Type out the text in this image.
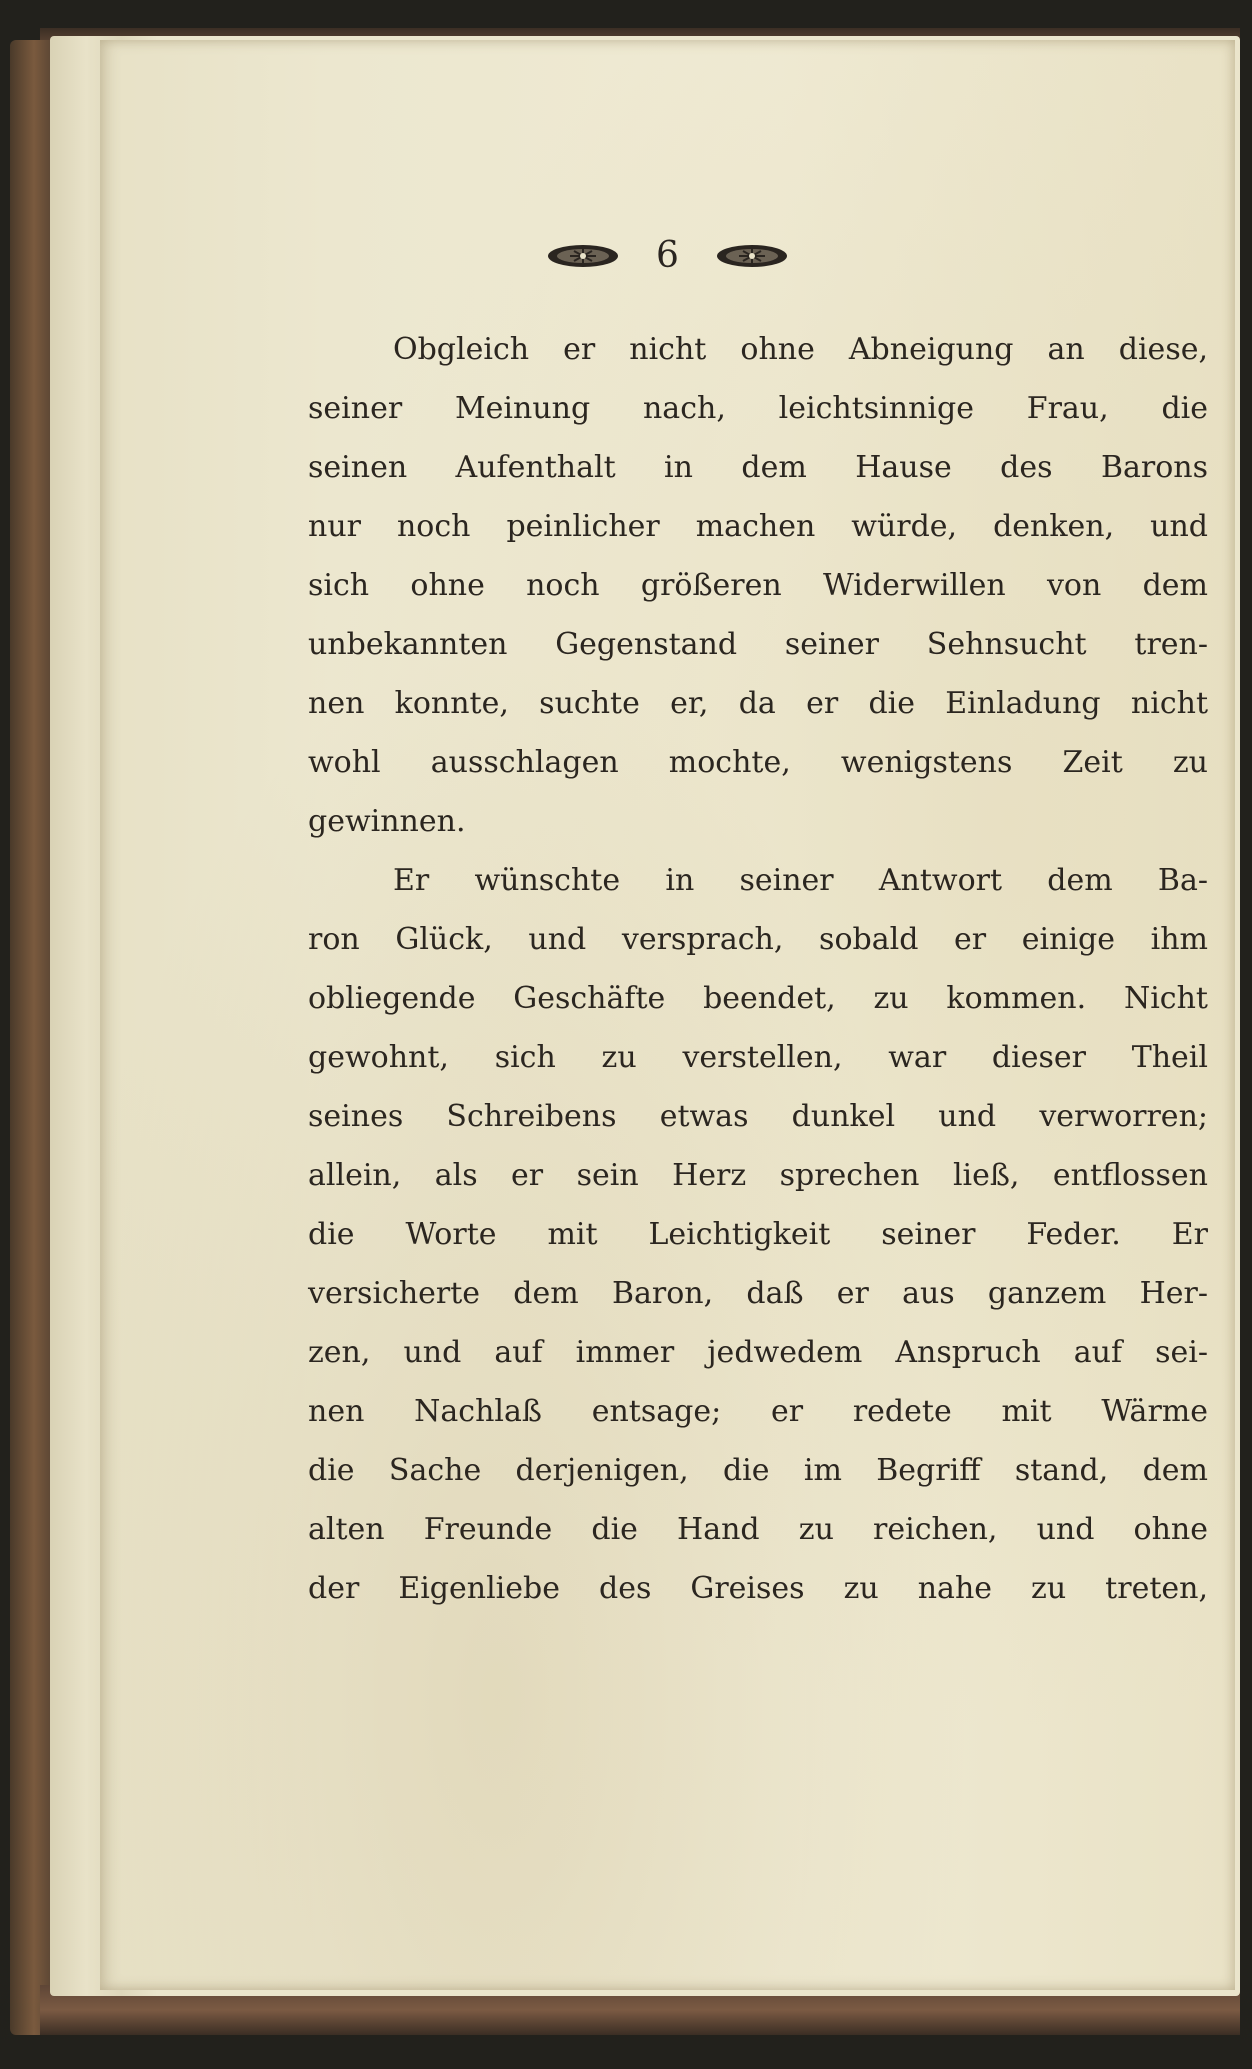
6
Obgleich er nicht ohne Abneigung an diese,
seiner Meinung nach, leichtsinnige Frau, die
seinen Aufenthalt in dem Hause des Barons
nur noch peinlicher machen würde, denken, und
sich ohne noch größeren Widerwillen von dem
unbekannten Gegenstand seiner Sehnsucht tren-
nen konnte, suchte er, da er die Einladung nicht
wohl ausschlagen mochte, wenigstens Zeit zu
gewinnen.
Er wünschte in seiner Antwort dem Ba-
ron Glück, und versprach, sobald er einige ihm
obliegende Geschäfte beendet, zu kommen. Nicht
gewohnt, sich zu verstellen, war dieser Theil
seines Schreibens etwas dunkel und verworren;
allein, als er sein Herz sprechen ließ, entflossen
die Worte mit Leichtigkeit seiner Feder. Er
versicherte dem Baron, daß er aus ganzem Her-
zen, und auf immer jedwedem Anspruch auf sei-
nen Nachlaß entsage; er redete mit Wärme
die Sache derjenigen, die im Begriff stand, dem
alten Freunde die Hand zu reichen, und ohne
der Eigenliebe des Greises zu nahe zu treten,
